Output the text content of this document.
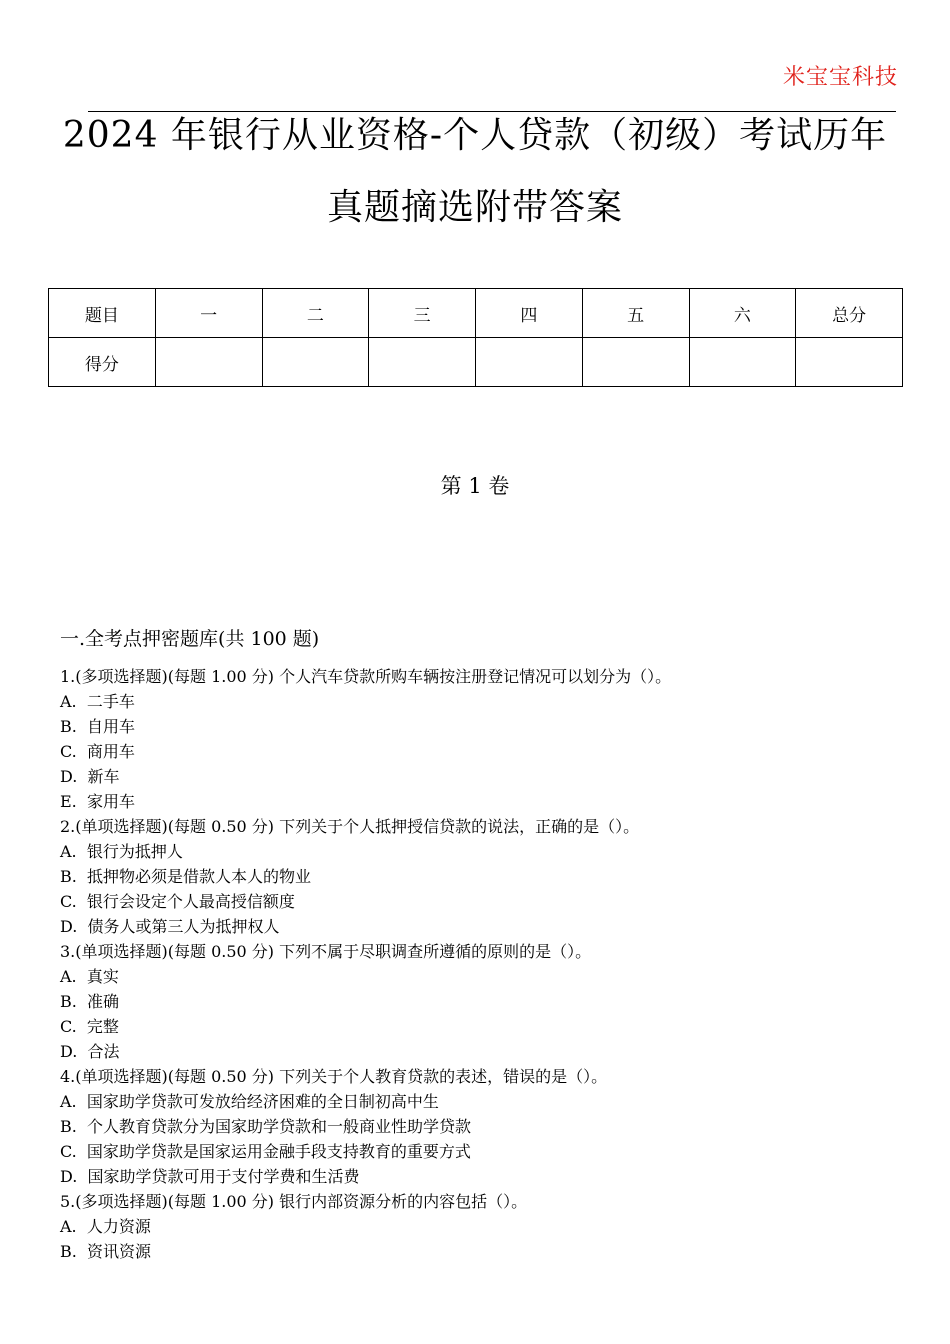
米宝宝科技
2024 年银行从业资格-个人贷款（初级）考试历年
真题摘选附带答案
题目	一	二	三	四	五	六	总分
得分							
第 1 卷
一.全考点押密题库(共 100 题)
1.(多项选择题)(每题 1.00 分) 个人汽车贷款所购车辆按注册登记情况可以划分为（）。
A.  二手车
B.  自用车
C.  商用车
D.  新车
E.  家用车
2.(单项选择题)(每题 0.50 分) 下列关于个人抵押授信贷款的说法，正确的是（）。
A.  银行为抵押人
B.  抵押物必须是借款人本人的物业
C.  银行会设定个人最高授信额度
D.  债务人或第三人为抵押权人
3.(单项选择题)(每题 0.50 分) 下列不属于尽职调查所遵循的原则的是（）。
A.  真实
B.  准确
C.  完整
D.  合法
4.(单项选择题)(每题 0.50 分) 下列关于个人教育贷款的表述，错误的是（）。
A.  国家助学贷款可发放给经济困难的全日制初高中生
B.  个人教育贷款分为国家助学贷款和一般商业性助学贷款
C.  国家助学贷款是国家运用金融手段支持教育的重要方式
D.  国家助学贷款可用于支付学费和生活费
5.(多项选择题)(每题 1.00 分) 银行内部资源分析的内容包括（）。
A.  人力资源
B.  资讯资源
